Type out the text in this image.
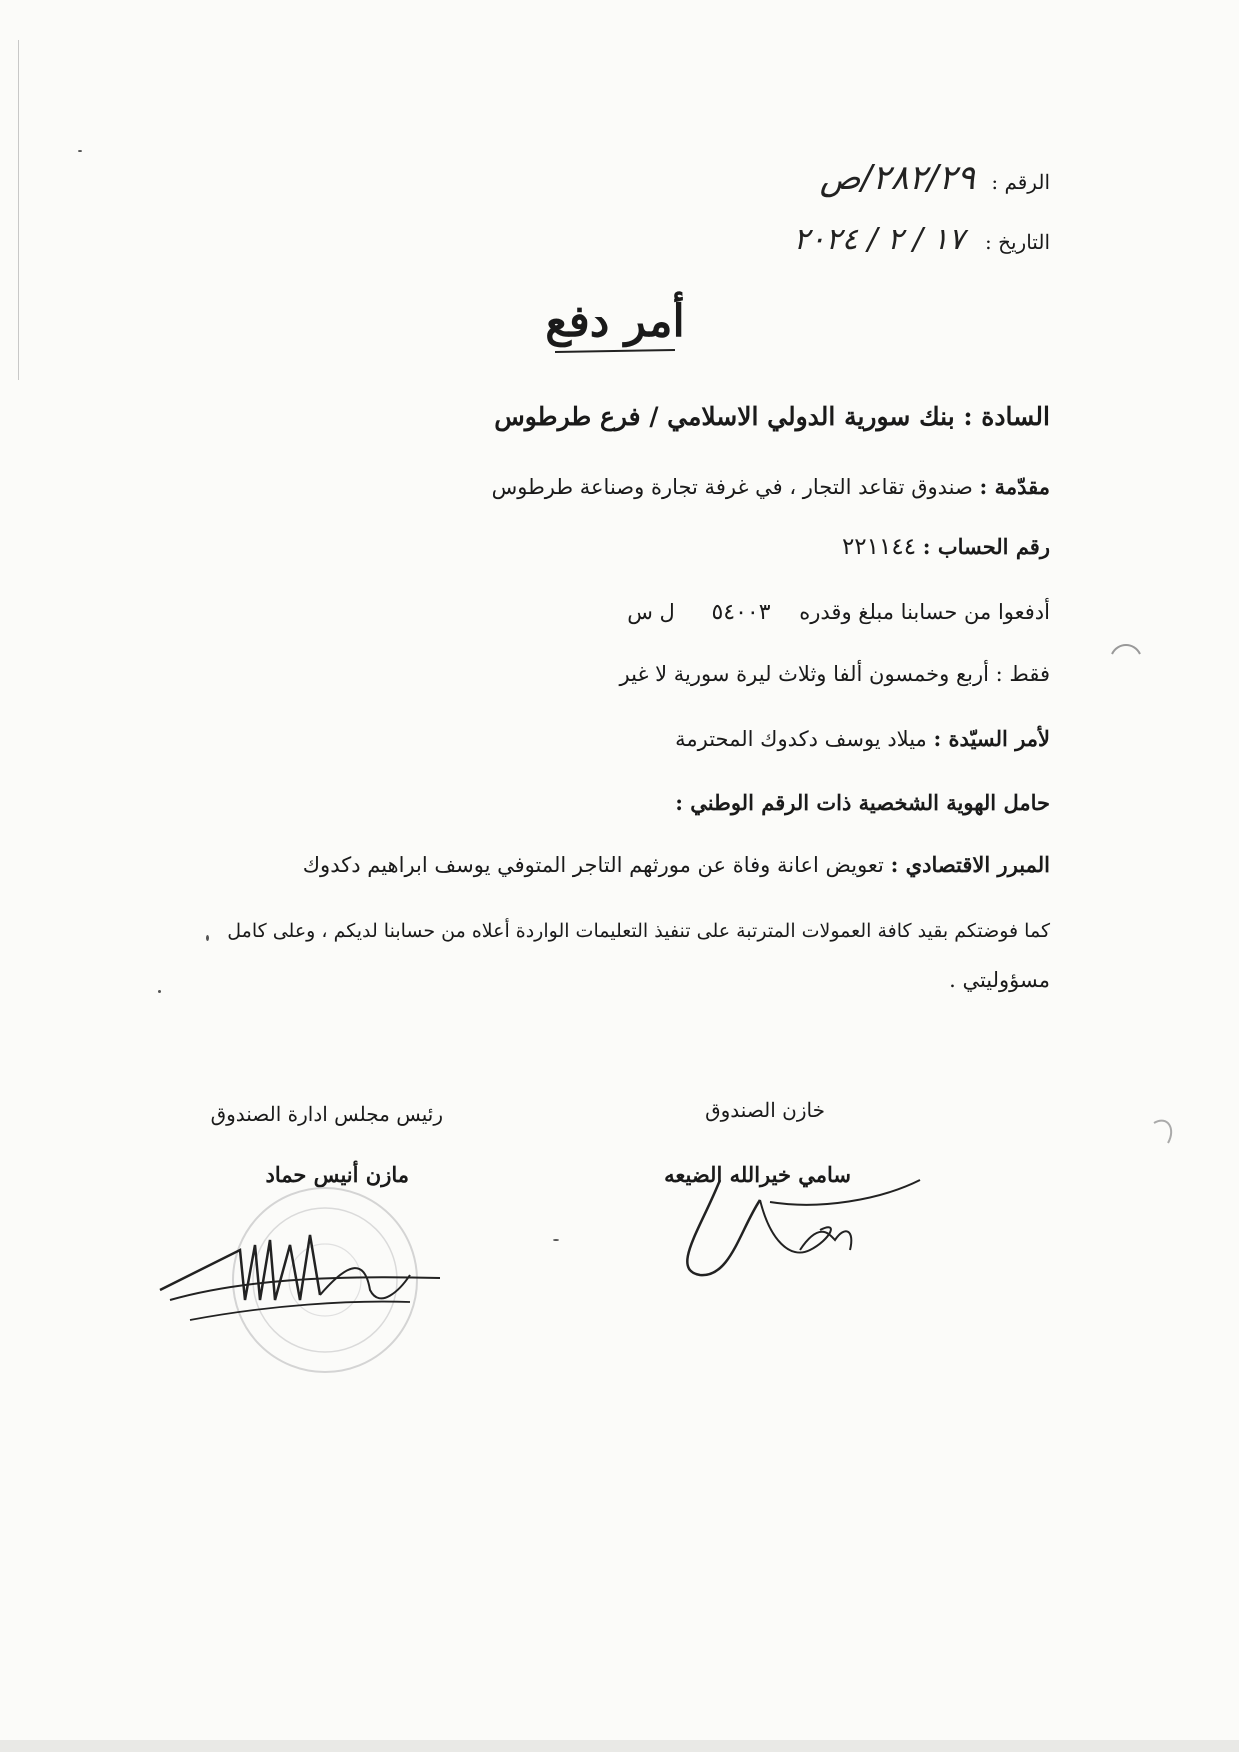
الرقم : ٢٨٢/٢٩/ص
التاريخ : ١٧ / ٢ / ٢٠٢٤
أمر دفع
السادة : بنك سورية الدولي الاسلامي / فرع طرطوس
مقدّمة : صندوق تقاعد التجار ، في غرفة تجارة وصناعة طرطوس
رقم الحساب : ٢٢١١٤٤
أدفعوا من حسابنا مبلغ وقدره ٥٤٠٠٣ ل س
فقط : أربع وخمسون ألفا وثلاث ليرة سورية لا غير
لأمر السيّدة : ميلاد يوسف دكدوك المحترمة
حامل الهوية الشخصية ذات الرقم الوطني :
المبرر الاقتصادي : تعويض اعانة وفاة عن مورثهم التاجر المتوفي يوسف ابراهيم دكدوك
كما فوضتكم بقيد كافة العمولات المترتبة على تنفيذ التعليمات الواردة أعلاه من حسابنا لديكم ، وعلى كامل
مسؤوليتي .
خازن الصندوق
سامي خيرالله الضيعه
رئيس مجلس ادارة الصندوق
مازن أنيس حماد
